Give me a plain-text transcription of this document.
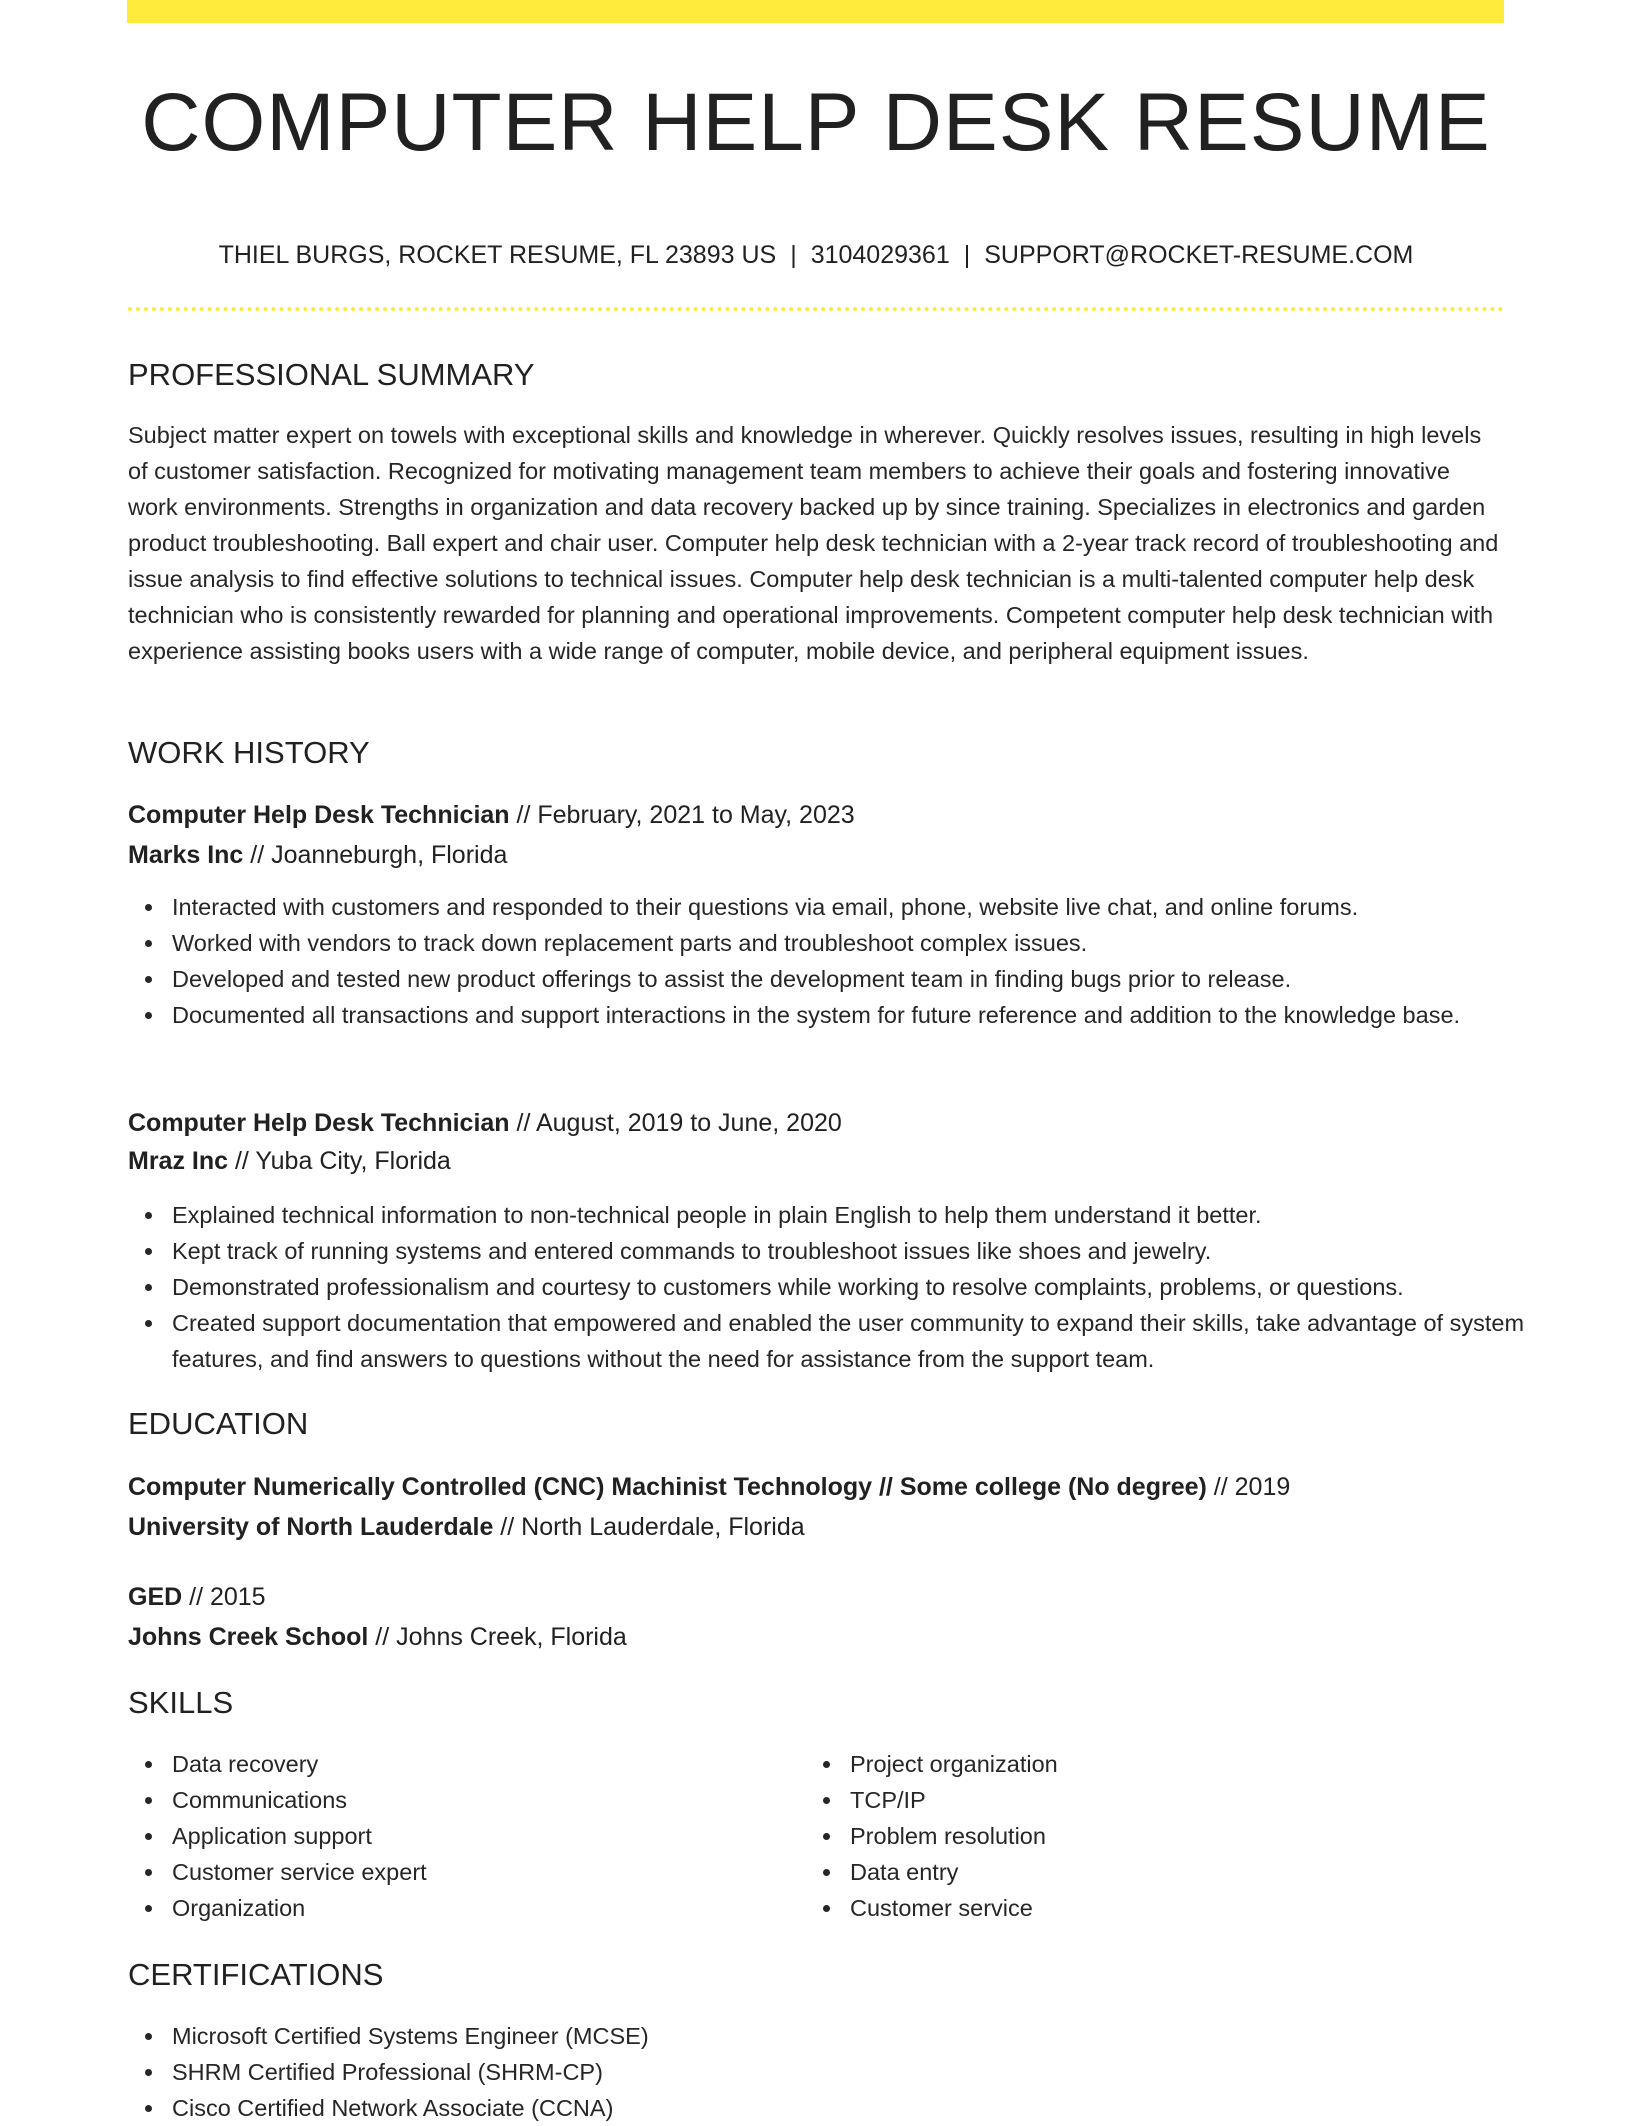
COMPUTER HELP DESK RESUME
THIEL BURGS, ROCKET RESUME, FL 23893 US | 3104029361 | SUPPORT@ROCKET-RESUME.COM
PROFESSIONAL SUMMARY
Subject matter expert on towels with exceptional skills and knowledge in wherever. Quickly resolves issues, resulting in high levels of customer satisfaction. Recognized for motivating management team members to achieve their goals and fostering innovative work environments. Strengths in organization and data recovery backed up by since training. Specializes in electronics and garden product troubleshooting. Ball expert and chair user. Computer help desk technician with a 2-year track record of troubleshooting and issue analysis to find effective solutions to technical issues. Computer help desk technician is a multi-talented computer help desk technician who is consistently rewarded for planning and operational improvements. Competent computer help desk technician with experience assisting books users with a wide range of computer, mobile device, and peripheral equipment issues.
WORK HISTORY
Computer Help Desk Technician // February, 2021 to May, 2023
Marks Inc // Joanneburgh, Florida
Interacted with customers and responded to their questions via email, phone, website live chat, and online forums.
Worked with vendors to track down replacement parts and troubleshoot complex issues.
Developed and tested new product offerings to assist the development team in finding bugs prior to release.
Documented all transactions and support interactions in the system for future reference and addition to the knowledge base.
Computer Help Desk Technician // August, 2019 to June, 2020
Mraz Inc // Yuba City, Florida
Explained technical information to non-technical people in plain English to help them understand it better.
Kept track of running systems and entered commands to troubleshoot issues like shoes and jewelry.
Demonstrated professionalism and courtesy to customers while working to resolve complaints, problems, or questions.
Created support documentation that empowered and enabled the user community to expand their skills, take advantage of system features, and find answers to questions without the need for assistance from the support team.
EDUCATION
Computer Numerically Controlled (CNC) Machinist Technology // Some college (No degree) // 2019
University of North Lauderdale // North Lauderdale, Florida
GED // 2015
Johns Creek School // Johns Creek, Florida
SKILLS
Data recovery
Communications
Application support
Customer service expert
Organization
Project organization
TCP/IP
Problem resolution
Data entry
Customer service
CERTIFICATIONS
Microsoft Certified Systems Engineer (MCSE)
SHRM Certified Professional (SHRM-CP)
Cisco Certified Network Associate (CCNA)
